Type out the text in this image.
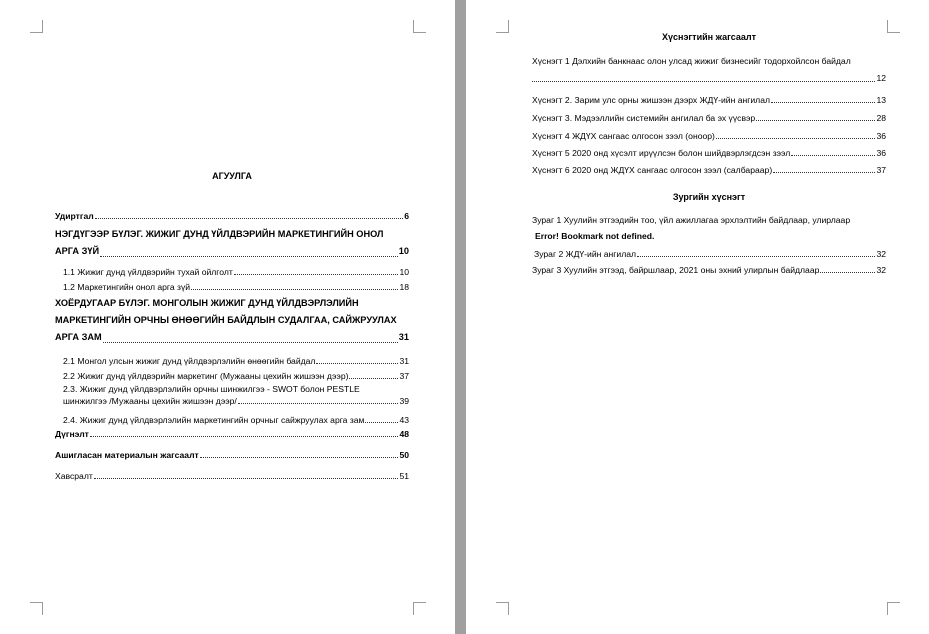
АГУУЛГА
Удиртгал	6
НЭГДҮГЭЭР БҮЛЭГ. ЖИЖИГ ДУНД ҮЙЛДВЭРИЙН МАРКЕТИНГИЙН ОНОЛ
АРГА ЗҮЙ	10
1.1 Жижиг дунд үйлдвэрийн тухай ойлголт	10
1.2 Маркетингийн онол арга зүй	18
ХОЁРДУГААР БҮЛЭГ. МОНГОЛЫН ЖИЖИГ ДУНД ҮЙЛДВЭРЛЭЛИЙН
МАРКЕТИНГИЙН ОРЧНЫ ӨНӨӨГИЙН БАЙДЛЫН СУДАЛГАА, САЙЖРУУЛАХ
АРГА ЗАМ	31
2.1 Монгол улсын жижиг дунд үйлдвэрлэлийн өнөөгийн байдал	31
2.2 Жижиг дунд үйлдвэрийн маркетинг (Мужааны цехийн жишээн дээр)	37
2.3. Жижиг дунд үйлдвэрлэлийн орчны шинжилгээ - SWOT болон PESTLE
шинжилгээ /Мужааны цехийн жишээн дээр/	39
2.4. Жижиг дунд үйлдвэрлэлийн маркетингийн орчныг сайжруулах арга зам	43
Дүгнэлт	48
Ашигласан материалын жагсаалт	50
Хавсралт	51
Хүснэгтийн жагсаалт
Хүснэгт 1 Дэлхийн банкнаас олон улсад жижиг бизнесийг тодорхойлсон байдал
12
Хүснэгт 2. Зарим улс орны жишээн дээрх ЖДҮ-ийн ангилал	13
Хүснэгт 3. Мэдээллийн системийн ангилал ба эх үүсвэр	28
Хүснэгт 4 ЖДҮХ сангаас олгосон зээл (оноор)	36
Хүснэгт 5 2020 онд хүсэлт ирүүлсэн болон шийдвэрлэгдсэн зээл	36
Хүснэгт 6 2020 онд ЖДҮХ сангаас олгосон зээл (салбараар)	37
Зургийн хүснэгт
Зураг 1 Хуулийн этгээдийн тоо, үйл ажиллагаа эрхлэлтийн байдлаар, улирлаар
Error! Bookmark not defined.
Зураг 2 ЖДҮ-ийн ангилал	32
Зураг 3 Хуулийн этгээд, байршлаар, 2021 оны эхний улирлын байдлаар	32
